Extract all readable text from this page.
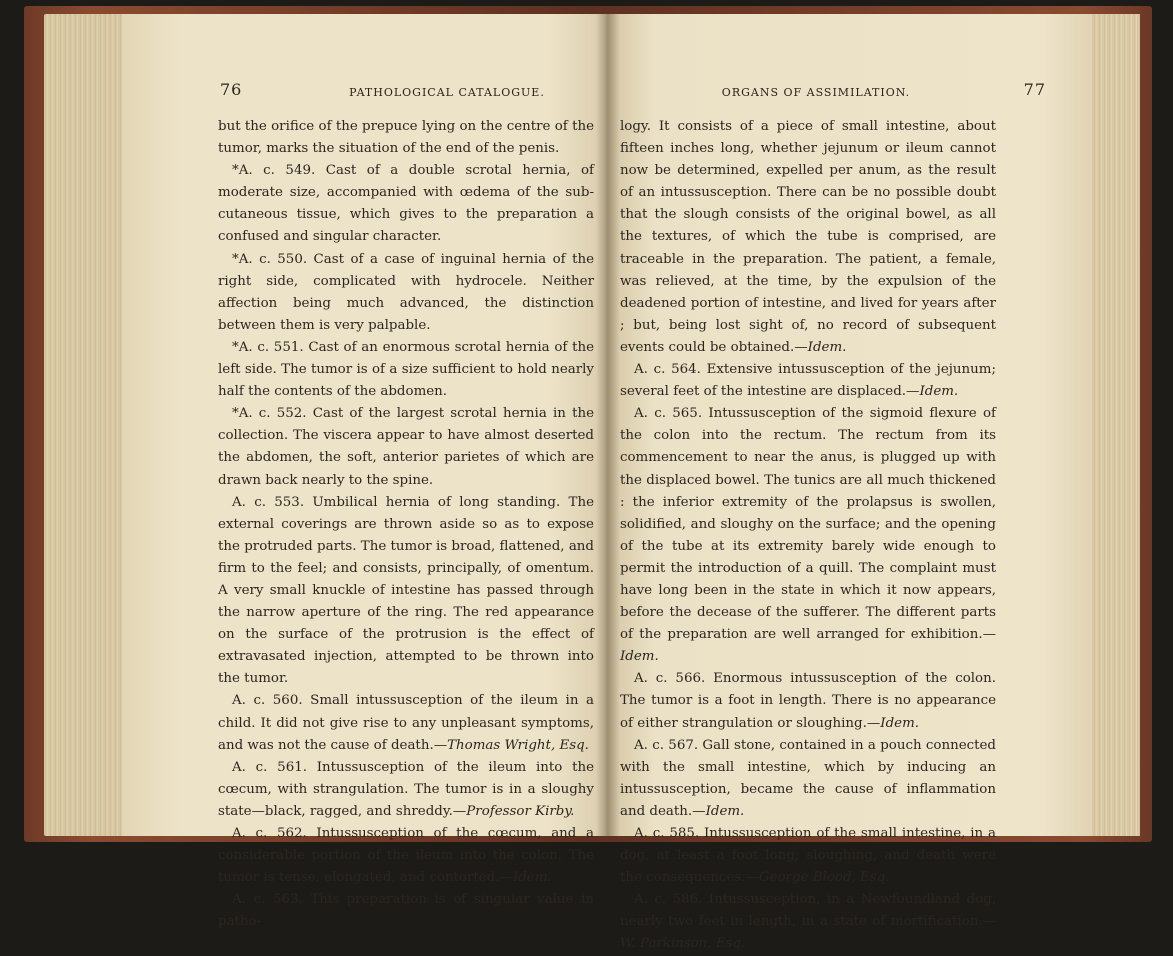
76	PATHOLOGICAL CATALOGUE.

but the orifice of the prepuce lying on the centre of the tumor, marks the situation of the end of the penis.

*A. c. 549. Cast of a double scrotal hernia, of moderate size, accompanied with œdema of the sub-cutaneous tissue, which gives to the preparation a confused and singular character.

*A. c. 550. Cast of a case of inguinal hernia of the right side, complicated with hydrocele. Neither affection being much advanced, the distinction between them is very palpable.

*A. c. 551. Cast of an enormous scrotal hernia of the left side. The tumor is of a size sufficient to hold nearly half the contents of the abdomen.

*A. c. 552. Cast of the largest scrotal hernia in the collection. The viscera appear to have almost deserted the abdomen, the soft, anterior parietes of which are drawn back nearly to the spine.

A. c. 553. Umbilical hernia of long standing. The external coverings are thrown aside so as to expose the protruded parts. The tumor is broad, flattened, and firm to the feel; and consists, principally, of omentum. A very small knuckle of intestine has passed through the narrow aperture of the ring. The red appearance on the surface of the protrusion is the effect of extravasated injection, attempted to be thrown into the tumor.

A. c. 560. Small intussusception of the ileum in a child. It did not give rise to any unpleasant symptoms, and was not the cause of death.—Thomas Wright, Esq.

A. c. 561. Intussusception of the ileum into the cœcum, with strangulation. The tumor is in a sloughy state—black, ragged, and shreddy.—Professor Kirby.

A. c. 562. Intussusception of the cœcum, and a considerable portion of the ileum into the colon. The tumor is tense, elongated, and contorted.—Idem.

A. c. 563. This preparation is of singular value in patho-

ORGANS OF ASSIMILATION.	77

logy. It consists of a piece of small intestine, about fifteen inches long, whether jejunum or ileum cannot now be determined, expelled per anum, as the result of an intussusception. There can be no possible doubt that the slough consists of the original bowel, as all the textures, of which the tube is comprised, are traceable in the preparation. The patient, a female, was relieved, at the time, by the expulsion of the deadened portion of intestine, and lived for years after ; but, being lost sight of, no record of subsequent events could be obtained.—Idem.

A. c. 564. Extensive intussusception of the jejunum; several feet of the intestine are displaced.—Idem.

A. c. 565. Intussusception of the sigmoid flexure of the colon into the rectum. The rectum from its commencement to near the anus, is plugged up with the displaced bowel. The tunics are all much thickened : the inferior extremity of the prolapsus is swollen, solidified, and sloughy on the surface; and the opening of the tube at its extremity barely wide enough to permit the introduction of a quill. The complaint must have long been in the state in which it now appears, before the decease of the sufferer. The different parts of the preparation are well arranged for exhibition.—Idem.

A. c. 566. Enormous intussusception of the colon. The tumor is a foot in length. There is no appearance of either strangulation or sloughing.—Idem.

A. c. 567. Gall stone, contained in a pouch connected with the small intestine, which by inducing an intussusception, became the cause of inflammation and death.—Idem.

A. c. 585. Intussusception of the small intestine, in a dog, at least a foot long; sloughing, and death were the consequences.—George Blood, Esq.

A. c. 586. Intussusception, in a Newfoundland dog, nearly two feet in length, in a state of mortification.—W. Parkinson, Esq.
